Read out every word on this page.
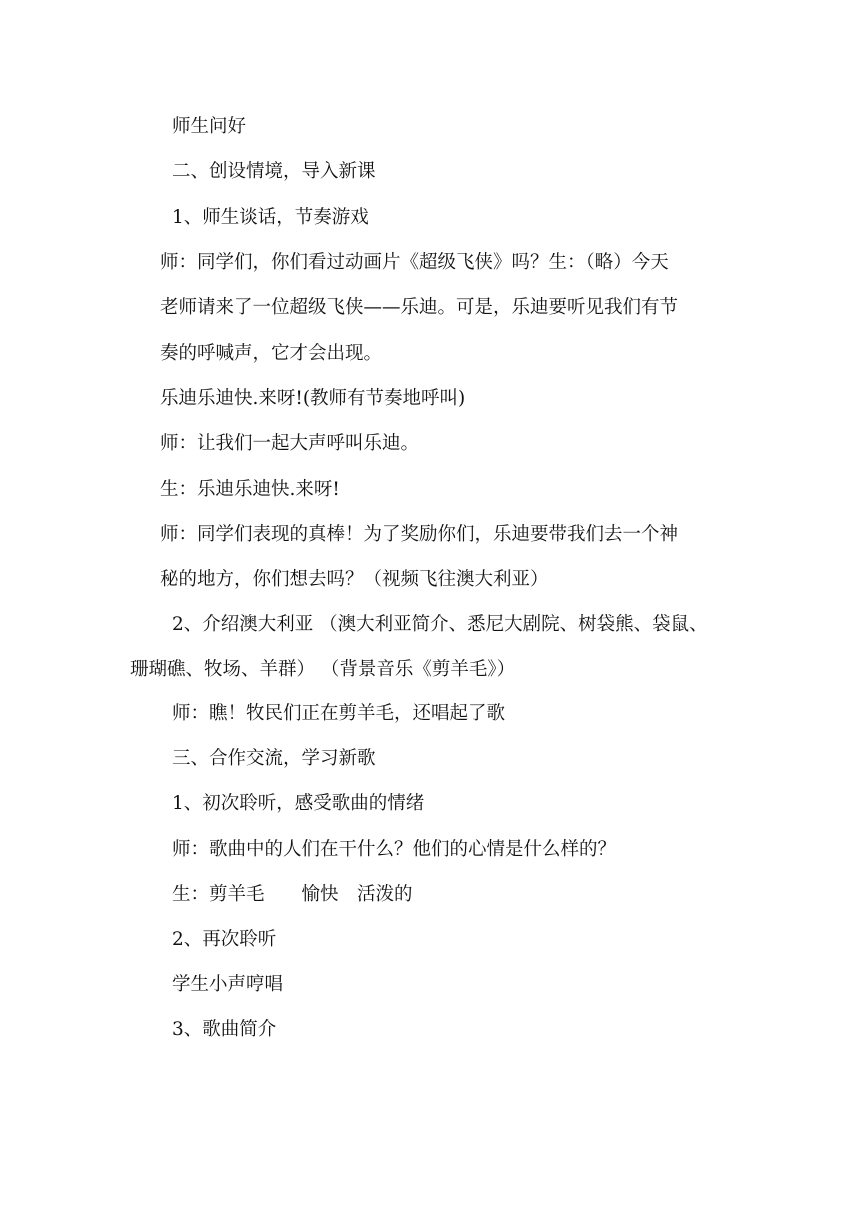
师生问好
二、创设情境，导入新课
1、师生谈话，节奏游戏
师：同学们，你们看过动画片《超级飞侠》吗？生：（略）今天
老师请来了一位超级飞侠——乐迪。可是，乐迪要听见我们有节
奏的呼喊声，它才会出现。
乐迪乐迪快.来呀!(教师有节奏地呼叫)
师：让我们一起大声呼叫乐迪。
生：乐迪乐迪快.来呀!
师：同学们表现的真棒！为了奖励你们，乐迪要带我们去一个神
秘的地方，你们想去吗？（视频飞往澳大利亚）
2、介绍澳大利亚 （澳大利亚简介、悉尼大剧院、树袋熊、袋鼠、
珊瑚礁、牧场、羊群） （背景音乐《剪羊毛》）
师：瞧！牧民们正在剪羊毛，还唱起了歌
三、合作交流，学习新歌
1、初次聆听，感受歌曲的情绪
师：歌曲中的人们在干什么？他们的心情是什么样的？
生：剪羊毛　　愉快　活泼的
2、再次聆听
学生小声哼唱
3、歌曲简介
